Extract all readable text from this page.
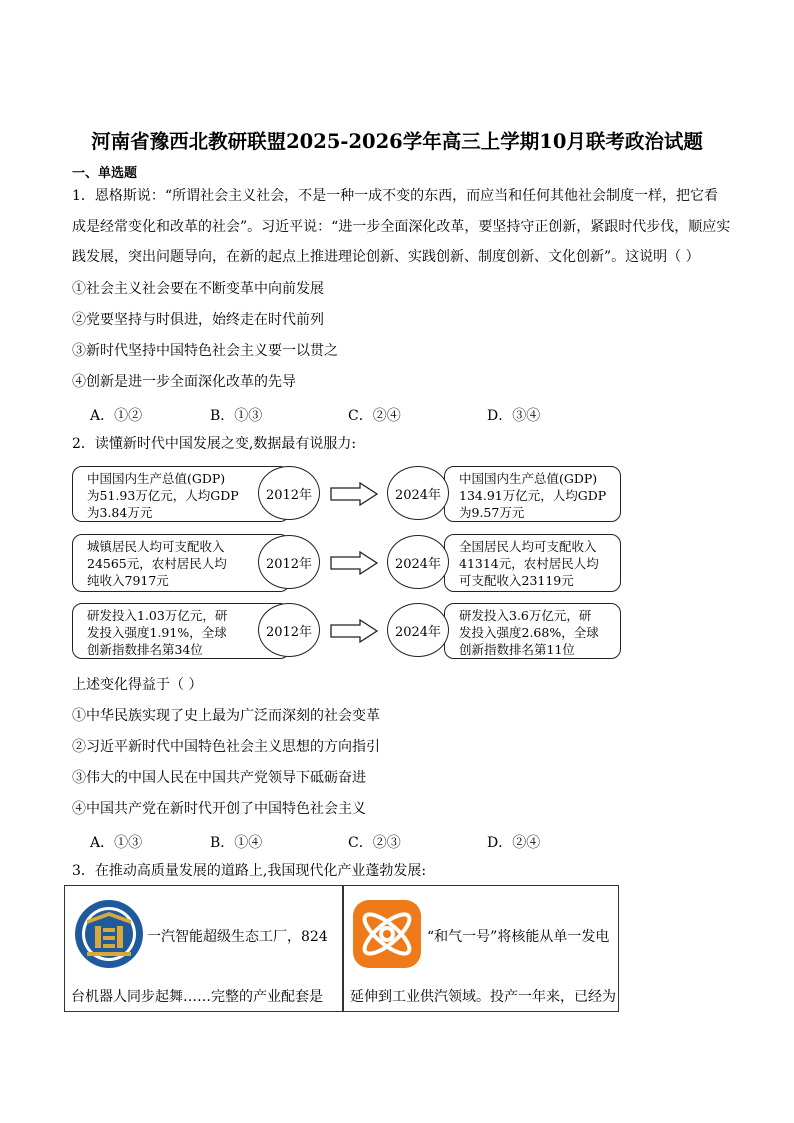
河南省豫西北教研联盟2025-2026学年高三上学期10月联考政治试题
一、单选题
1．恩格斯说：“所谓社会主义社会，不是一种一成不变的东西，而应当和任何其他社会制度一样，把它看
成是经常变化和改革的社会”。习近平说：“进一步全面深化改革，要坚持守正创新，紧跟时代步伐，顺应实
践发展，突出问题导向，在新的起点上推进理论创新、实践创新、制度创新、文化创新”。这说明（ ）
①社会主义社会要在不断变革中向前发展
②党要坚持与时俱进，始终走在时代前列
③新时代坚持中国特色社会主义要一以贯之
④创新是进一步全面深化改革的先导
A．①②	B．①③	C．②④	D．③④
2．读懂新时代中国发展之变,数据最有说服力:
中国国内生产总值(GDP)
为51.93万亿元，人均GDP
为3.84万元
2012年
中国国内生产总值(GDP)
134.91万亿元，人均GDP
为9.57万元
2024年
城镇居民人均可支配收入
24565元，农村居民人均
纯收入7917元
2012年
全国居民人均可支配收入
41314元，农村居民人均
可支配收入23119元
2024年
研发投入1.03万亿元，研
发投入强度1.91%，全球
创新指数排名第34位
2012年
研发投入3.6万亿元，研
发投入强度2.68%，全球
创新指数排名第11位
2024年
上述变化得益于（ ）
①中华民族实现了史上最为广泛而深刻的社会变革
②习近平新时代中国特色社会主义思想的方向指引
③伟大的中国人民在中国共产党领导下砥砺奋进
④中国共产党在新时代开创了中国特色社会主义
A．①③	B．①④	C．②③	D．②④
3．在推动高质量发展的道路上,我国现代化产业蓬勃发展:
一汽智能超级生态工厂，824
台机器人同步起舞……完整的产业配套是
“和气一号”将核能从单一发电
延伸到工业供汽领域。投产一年来，已经为
